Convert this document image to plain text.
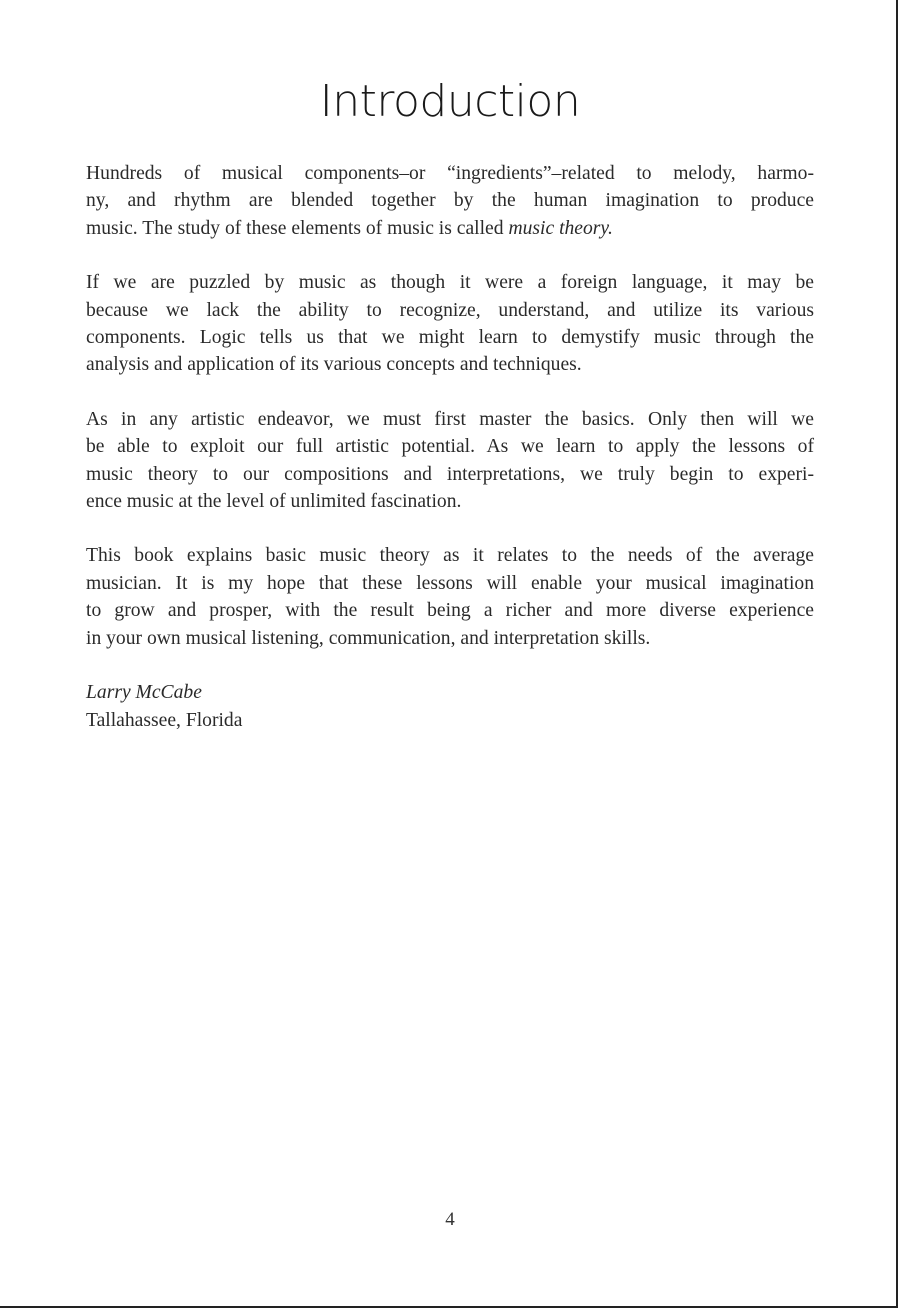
Introduction

Hundreds of musical components–or “ingredients”–related to melody, harmo-
ny, and rhythm are blended together by the human imagination to produce
music. The study of these elements of music is called music theory.

If we are puzzled by music as though it were a foreign language, it may be
because we lack the ability to recognize, understand, and utilize its various
components. Logic tells us that we might learn to demystify music through the
analysis and application of its various concepts and techniques.

As in any artistic endeavor, we must first master the basics. Only then will we
be able to exploit our full artistic potential. As we learn to apply the lessons of
music theory to our compositions and interpretations, we truly begin to experi-
ence music at the level of unlimited fascination.

This book explains basic music theory as it relates to the needs of the average
musician. It is my hope that these lessons will enable your musical imagination
to grow and prosper, with the result being a richer and more diverse experience
in your own musical listening, communication, and interpretation skills.

Larry McCabe
Tallahassee, Florida

4
